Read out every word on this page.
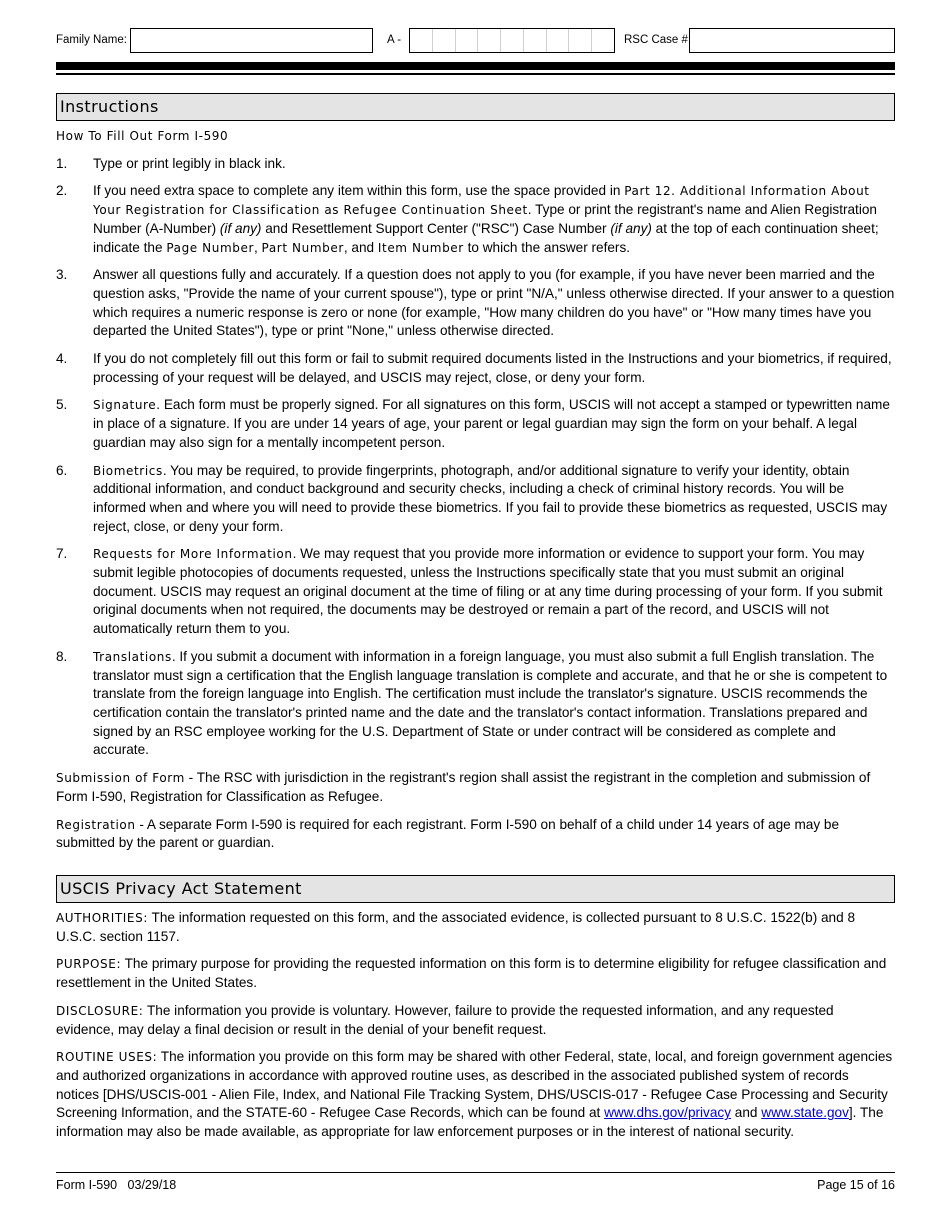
Family Name:	A -	RSC Case #:
Instructions
How To Fill Out Form I-590
1. Type or print legibly in black ink.
2. If you need extra space to complete any item within this form, use the space provided in Part 12. Additional Information About Your Registration for Classification as Refugee Continuation Sheet. Type or print the registrant's name and Alien Registration Number (A-Number) (if any) and Resettlement Support Center ("RSC") Case Number (if any) at the top of each continuation sheet; indicate the Page Number, Part Number, and Item Number to which the answer refers.
3. Answer all questions fully and accurately. If a question does not apply to you (for example, if you have never been married and the question asks, "Provide the name of your current spouse"), type or print "N/A," unless otherwise directed. If your answer to a question which requires a numeric response is zero or none (for example, "How many children do you have" or "How many times have you departed the United States"), type or print "None," unless otherwise directed.
4. If you do not completely fill out this form or fail to submit required documents listed in the Instructions and your biometrics, if required, processing of your request will be delayed, and USCIS may reject, close, or deny your form.
5. Signature. Each form must be properly signed. For all signatures on this form, USCIS will not accept a stamped or typewritten name in place of a signature. If you are under 14 years of age, your parent or legal guardian may sign the form on your behalf. A legal guardian may also sign for a mentally incompetent person.
6. Biometrics. You may be required, to provide fingerprints, photograph, and/or additional signature to verify your identity, obtain additional information, and conduct background and security checks, including a check of criminal history records. You will be informed when and where you will need to provide these biometrics. If you fail to provide these biometrics as requested, USCIS may reject, close, or deny your form.
7. Requests for More Information. We may request that you provide more information or evidence to support your form. You may submit legible photocopies of documents requested, unless the Instructions specifically state that you must submit an original document. USCIS may request an original document at the time of filing or at any time during processing of your form. If you submit original documents when not required, the documents may be destroyed or remain a part of the record, and USCIS will not automatically return them to you.
8. Translations. If you submit a document with information in a foreign language, you must also submit a full English translation. The translator must sign a certification that the English language translation is complete and accurate, and that he or she is competent to translate from the foreign language into English. The certification must include the translator's signature. USCIS recommends the certification contain the translator's printed name and the date and the translator's contact information. Translations prepared and signed by an RSC employee working for the U.S. Department of State or under contract will be considered as complete and accurate.

Submission of Form - The RSC with jurisdiction in the registrant's region shall assist the registrant in the completion and submission of Form I-590, Registration for Classification as Refugee.

Registration - A separate Form I-590 is required for each registrant. Form I-590 on behalf of a child under 14 years of age may be submitted by the parent or guardian.

USCIS Privacy Act Statement

AUTHORITIES: The information requested on this form, and the associated evidence, is collected pursuant to 8 U.S.C. 1522(b) and 8 U.S.C. section 1157.

PURPOSE: The primary purpose for providing the requested information on this form is to determine eligibility for refugee classification and resettlement in the United States.

DISCLOSURE: The information you provide is voluntary. However, failure to provide the requested information, and any requested evidence, may delay a final decision or result in the denial of your benefit request.

ROUTINE USES: The information you provide on this form may be shared with other Federal, state, local, and foreign government agencies and authorized organizations in accordance with approved routine uses, as described in the associated published system of records notices [DHS/USCIS-001 - Alien File, Index, and National File Tracking System, DHS/USCIS-017 - Refugee Case Processing and Security Screening Information, and the STATE-60 - Refugee Case Records, which can be found at www.dhs.gov/privacy and www.state.gov]. The information may also be made available, as appropriate for law enforcement purposes or in the interest of national security.

Form I-590   03/29/18	Page 15 of 16
